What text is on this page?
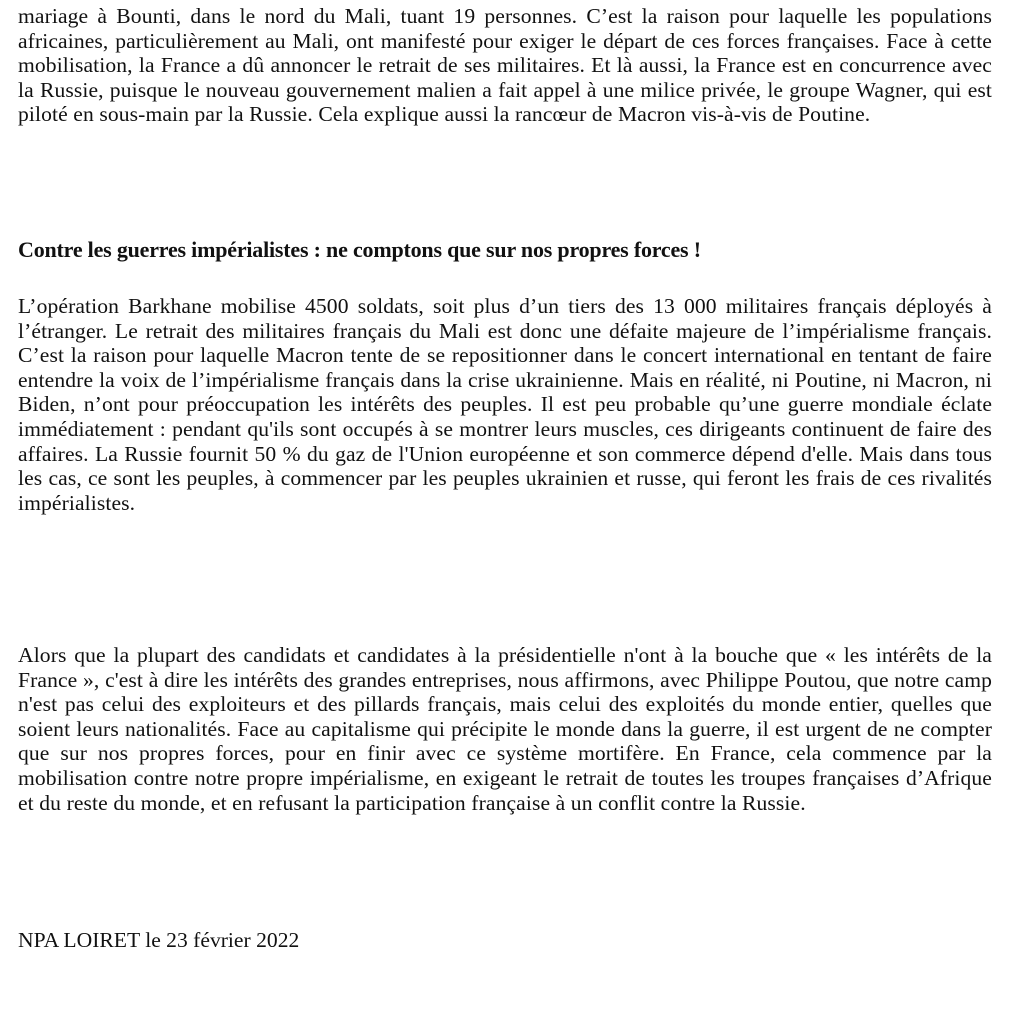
mariage à Bounti, dans le nord du Mali, tuant 19 personnes. C’est la raison pour laquelle les populations africaines, particulièrement au Mali, ont manifesté pour exiger le départ de ces forces françaises. Face à cette mobilisation, la France a dû annoncer le retrait de ses militaires. Et là aussi, la France est en concurrence avec la Russie, puisque le nouveau gouvernement malien a fait appel à une milice privée, le groupe Wagner, qui est piloté en sous-main par la Russie. Cela explique aussi la rancœur de Macron vis-à-vis de Poutine.

Contre les guerres impérialistes : ne comptons que sur nos propres forces !

L’opération Barkhane mobilise 4500 soldats, soit plus d’un tiers des 13 000 militaires français déployés à l’étranger. Le retrait des militaires français du Mali est donc une défaite majeure de l’impérialisme français. C’est la raison pour laquelle Macron tente de se repositionner dans le concert international en tentant de faire entendre la voix de l’impérialisme français dans la crise ukrainienne. Mais en réalité, ni Poutine, ni Macron, ni Biden, n’ont pour préoccupation les intérêts des peuples. Il est peu probable qu’une guerre mondiale éclate immédiatement : pendant qu'ils sont occupés à se montrer leurs muscles, ces dirigeants continuent de faire des affaires. La Russie fournit 50 % du gaz de l'Union européenne et son commerce dépend d'elle. Mais dans tous les cas, ce sont les peuples, à commencer par les peuples ukrainien et russe, qui feront les frais de ces rivalités impérialistes.

Alors que la plupart des candidats et candidates à la présidentielle n'ont à la bouche que « les intérêts de la France », c'est à dire les intérêts des grandes entreprises, nous affirmons, avec Philippe Poutou, que notre camp n'est pas celui des exploiteurs et des pillards français, mais celui des exploités du monde entier, quelles que soient leurs nationalités. Face au capitalisme qui précipite le monde dans la guerre, il est urgent de ne compter que sur nos propres forces, pour en finir avec ce système mortifère. En France, cela commence par la mobilisation contre notre propre impérialisme, en exigeant le retrait de toutes les troupes françaises d’Afrique et du reste du monde, et en refusant la participation française à un conflit contre la Russie.

NPA LOIRET le 23 février 2022
